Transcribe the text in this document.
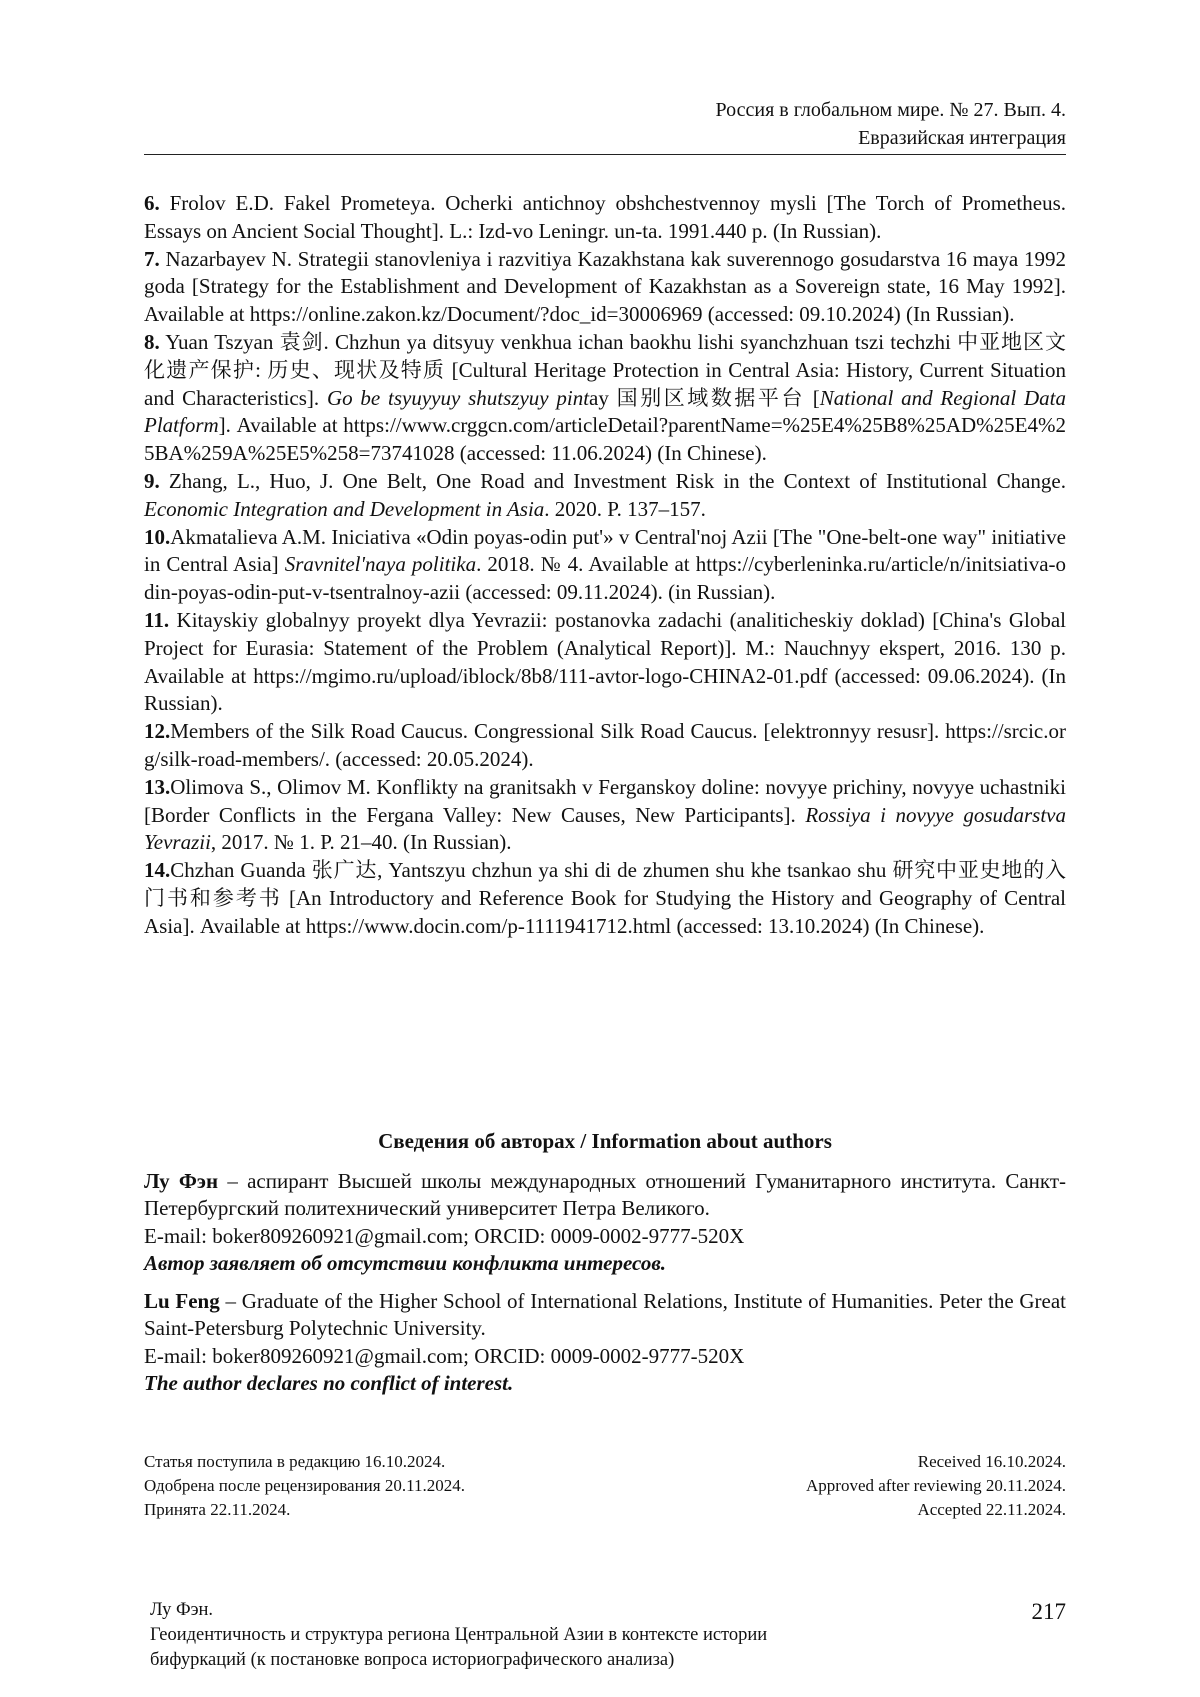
Россия в глобальном мире. № 27. Вып. 4.
Евразийская интеграция

6. Frolov E.D. Fakel Prometeya. Ocherki antichnoy obshchestvennoy mysli [The Torch of Prometheus. Essays on Ancient Social Thought]. L.: Izd-vo Leningr. un-ta. 1991.440 p. (In Russian).

7. Nazarbayev N. Strategii stanovleniya i razvitiya Kazakhstana kak suverennogo gosudarstva 16 maya 1992 goda [Strategy for the Establishment and Development of Kazakhstan as a Sovereign state, 16 May 1992]. Available at https://online.zakon.kz/Document/?doc_id=30006969 (accessed: 09.10.2024) (In Russian).

8. Yuan Tszyan 袁剑. Chzhun ya ditsyuy venkhua ichan baokhu lishi syanchzhuan tszi techzhi 中亚地区文化遗产保护: 历史、现状及特质 [Cultural Heritage Protection in Central Asia: History, Current Situation and Characteristics]. Go be tsyuyyuy shutszyuy pintay 国别区域数据平台 [National and Regional Data Platform]. Available at https://www.crggcn.com/articleDetail?parentName=%25E4%25B8%25AD%25E4%25BA%259A%25E5%258=73741028 (accessed: 11.06.2024) (In Chinese).

9. Zhang, L., Huo, J. One Belt, One Road and Investment Risk in the Context of Institutional Change. Economic Integration and Development in Asia. 2020. P. 137–157.

10.Akmatalieva A.M. Iniciativa «Odin poyas-odin put'» v Central'noj Azii [The "One-belt-one way" initiative in Central Asia] Sravnitel'naya politika. 2018. № 4. Available at https://cyberleninka.ru/article/n/initsiativa-odin-poyas-odin-put-v-tsentralnoy-azii (accessed: 09.11.2024). (in Russian).

11. Kitayskiy globalnyy proyekt dlya Yevrazii: postanovka zadachi (analiticheskiy doklad) [China's Global Project for Eurasia: Statement of the Problem (Analytical Report)]. M.: Nauchnyy ekspert, 2016. 130 p. Available at https://mgimo.ru/upload/iblock/8b8/111-avtor-logo-CHINA2-01.pdf (accessed: 09.06.2024). (In Russian).

12.Members of the Silk Road Caucus. Congressional Silk Road Caucus. [elektronnyy resusr]. https://srcic.org/silk-road-members/. (accessed: 20.05.2024).

13.Olimova S., Olimov M. Konflikty na granitsakh v Ferganskoy doline: novyye prichiny, novyye uchastniki [Border Conflicts in the Fergana Valley: New Causes, New Participants]. Rossiya i novyye gosudarstva Yevrazii, 2017. № 1. P. 21–40. (In Russian).

14.Chzhan Guanda 张广达, Yantszyu chzhun ya shi di de zhumen shu khe tsankao shu 研究中亚史地的入门书和参考书 [An Introductory and Reference Book for Studying the History and Geography of Central Asia]. Available at https://www.docin.com/p-1111941712.html (accessed: 13.10.2024) (In Chinese).

Сведения об авторах / Information about authors

Лу Фэн – аспирант Высшей школы международных отношений Гуманитарного института. Санкт-Петербургский политехнический университет Петра Великого.

E-mail: boker809260921@gmail.com; ORCID: 0009-0002-9777-520X

Автор заявляет об отсутствии конфликта интересов.

Lu Feng – Graduate of the Higher School of International Relations, Institute of Humanities. Peter the Great Saint-Petersburg Polytechnic University.

E-mail: boker809260921@gmail.com; ORCID: 0009-0002-9777-520X

The author declares no conflict of interest.

Статья поступила в редакцию 16.10.2024.	Received 16.10.2024.
Одобрена после рецензирования 20.11.2024.	Approved after reviewing 20.11.2024.
Принята 22.11.2024.	Accepted 22.11.2024.

Лу Фэн.

Геоидентичность и структура региона Центральной Азии в контексте истории

бифуркаций (к постановке вопроса историографического анализа)

217
